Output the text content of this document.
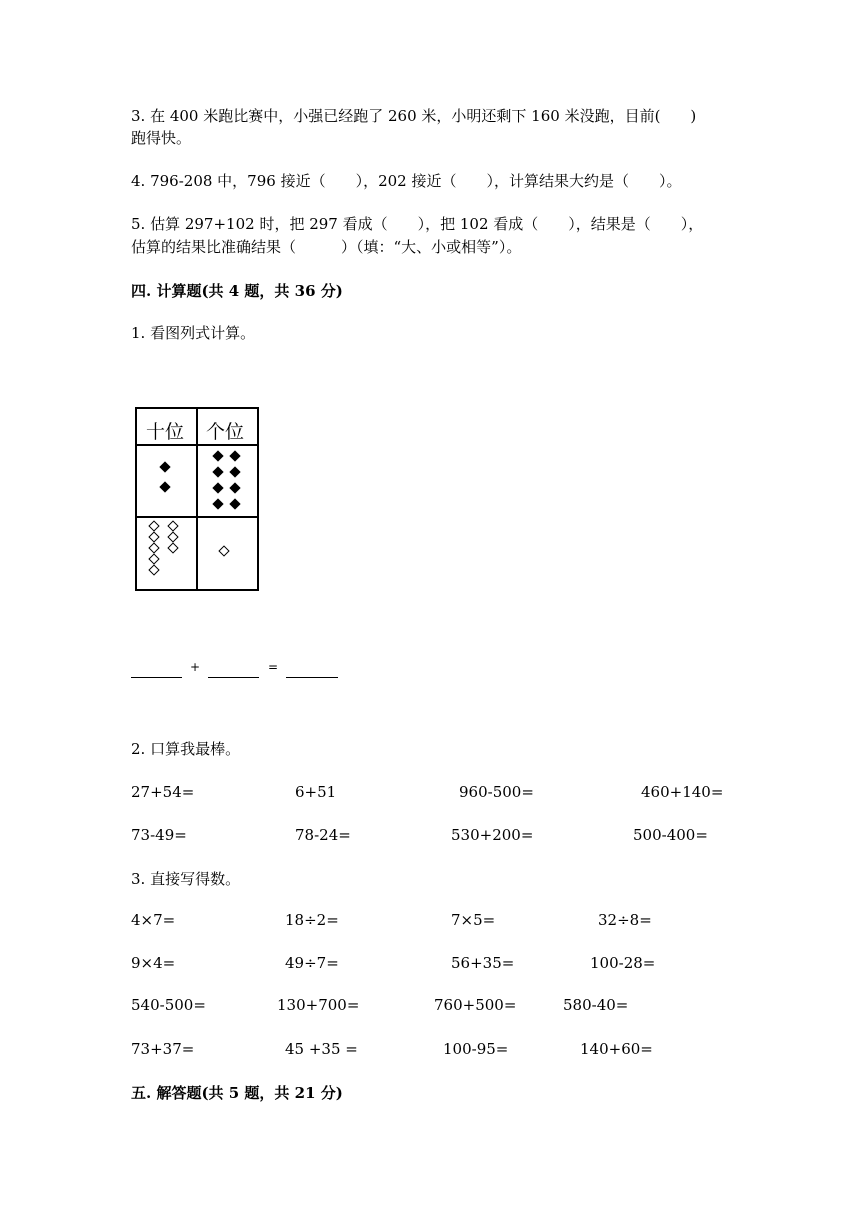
3. 在 400 米跑比赛中，小强已经跑了 260 米，小明还剩下 160 米没跑，目前(　　)
跑得快。
4. 796-208 中，796 接近（　　），202 接近（　　），计算结果大约是（　　）。
5. 估算 297+102 时，把 297 看成（　　），把 102 看成（　　），结果是（　　），
估算的结果比准确结果（　　　）（填：“大、小或相等”）。
四. 计算题(共 4 题，共 36 分)
1. 看图列式计算。
十位 个位
+	=
2. 口算我最棒。
27+54=	6+51	960-500=	460+140=
73-49=	78-24=	530+200=	500-400=
3. 直接写得数。
4×7=	18÷2=	7×5=	32÷8=
9×4=	49÷7=	56+35=	100-28=
540-500=	130+700=	760+500=	580-40=
73+37=	45 +35 =	100-95=	140+60=
五. 解答题(共 5 题，共 21 分)
